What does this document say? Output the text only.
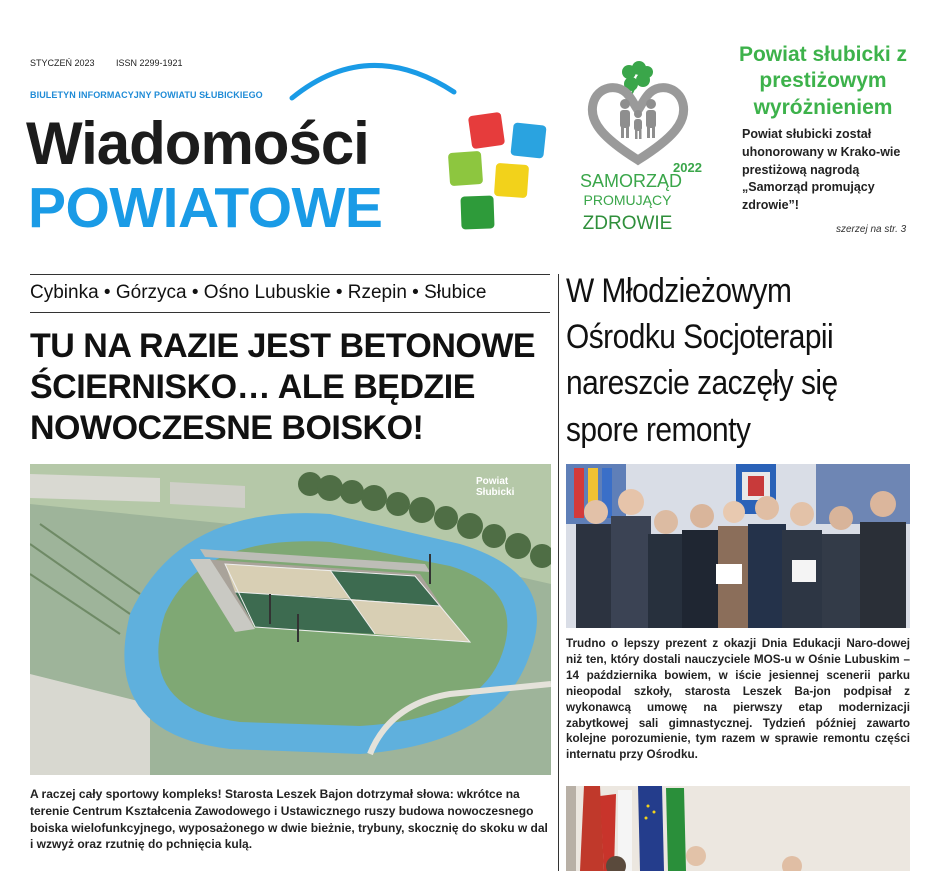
STYCZEŃ 2023 ISSN 2299-1921
BIULETYN INFORMACYJNY POWIATU SŁUBICKIEGO
Wiadomości
POWIATOWE
2022
SAMORZĄD
PROMUJĄCY
ZDROWIE
Powiat słubicki z prestiżowym wyróżnieniem
Powiat słubicki został uhonorowany w Krako-wie prestiżową nagrodą „Samorząd promujący zdrowie”!
szerzej na str. 3
Cybinka • Górzyca • Ośno Lubuskie • Rzepin • Słubice
TU NA RAZIE JEST BETONOWE
ŚCIERNISKO… ALE BĘDZIE
NOWOCZESNE BOISKO!
Powiat Słubicki
A raczej cały sportowy kompleks! Starosta Leszek Bajon dotrzymał słowa: wkrótce na terenie Centrum Kształcenia Zawodowego i Ustawicznego ruszy budowa nowoczesnego boiska wielofunkcyjnego, wyposażonego w dwie bieżnie, trybuny, skocznię do skoku w dal i wzwyż oraz rzutnię do pchnięcia kulą.
W Młodzieżowym
Ośrodku Socjoterapii
nareszcie zaczęły się
spore remonty
Trudno o lepszy prezent z okazji Dnia Edukacji Naro-dowej niż ten, który dostali nauczyciele MOS-u w Ośnie Lubuskim – 14 października bowiem, w iście jesiennej scenerii parku nieopodal szkoły, starosta Leszek Ba-jon podpisał z wykonawcą umowę na pierwszy etap modernizacji zabytkowej sali gimnastycznej. Tydzień później zawarto kolejne porozumienie, tym razem w sprawie remontu części internatu przy Ośrodku.
